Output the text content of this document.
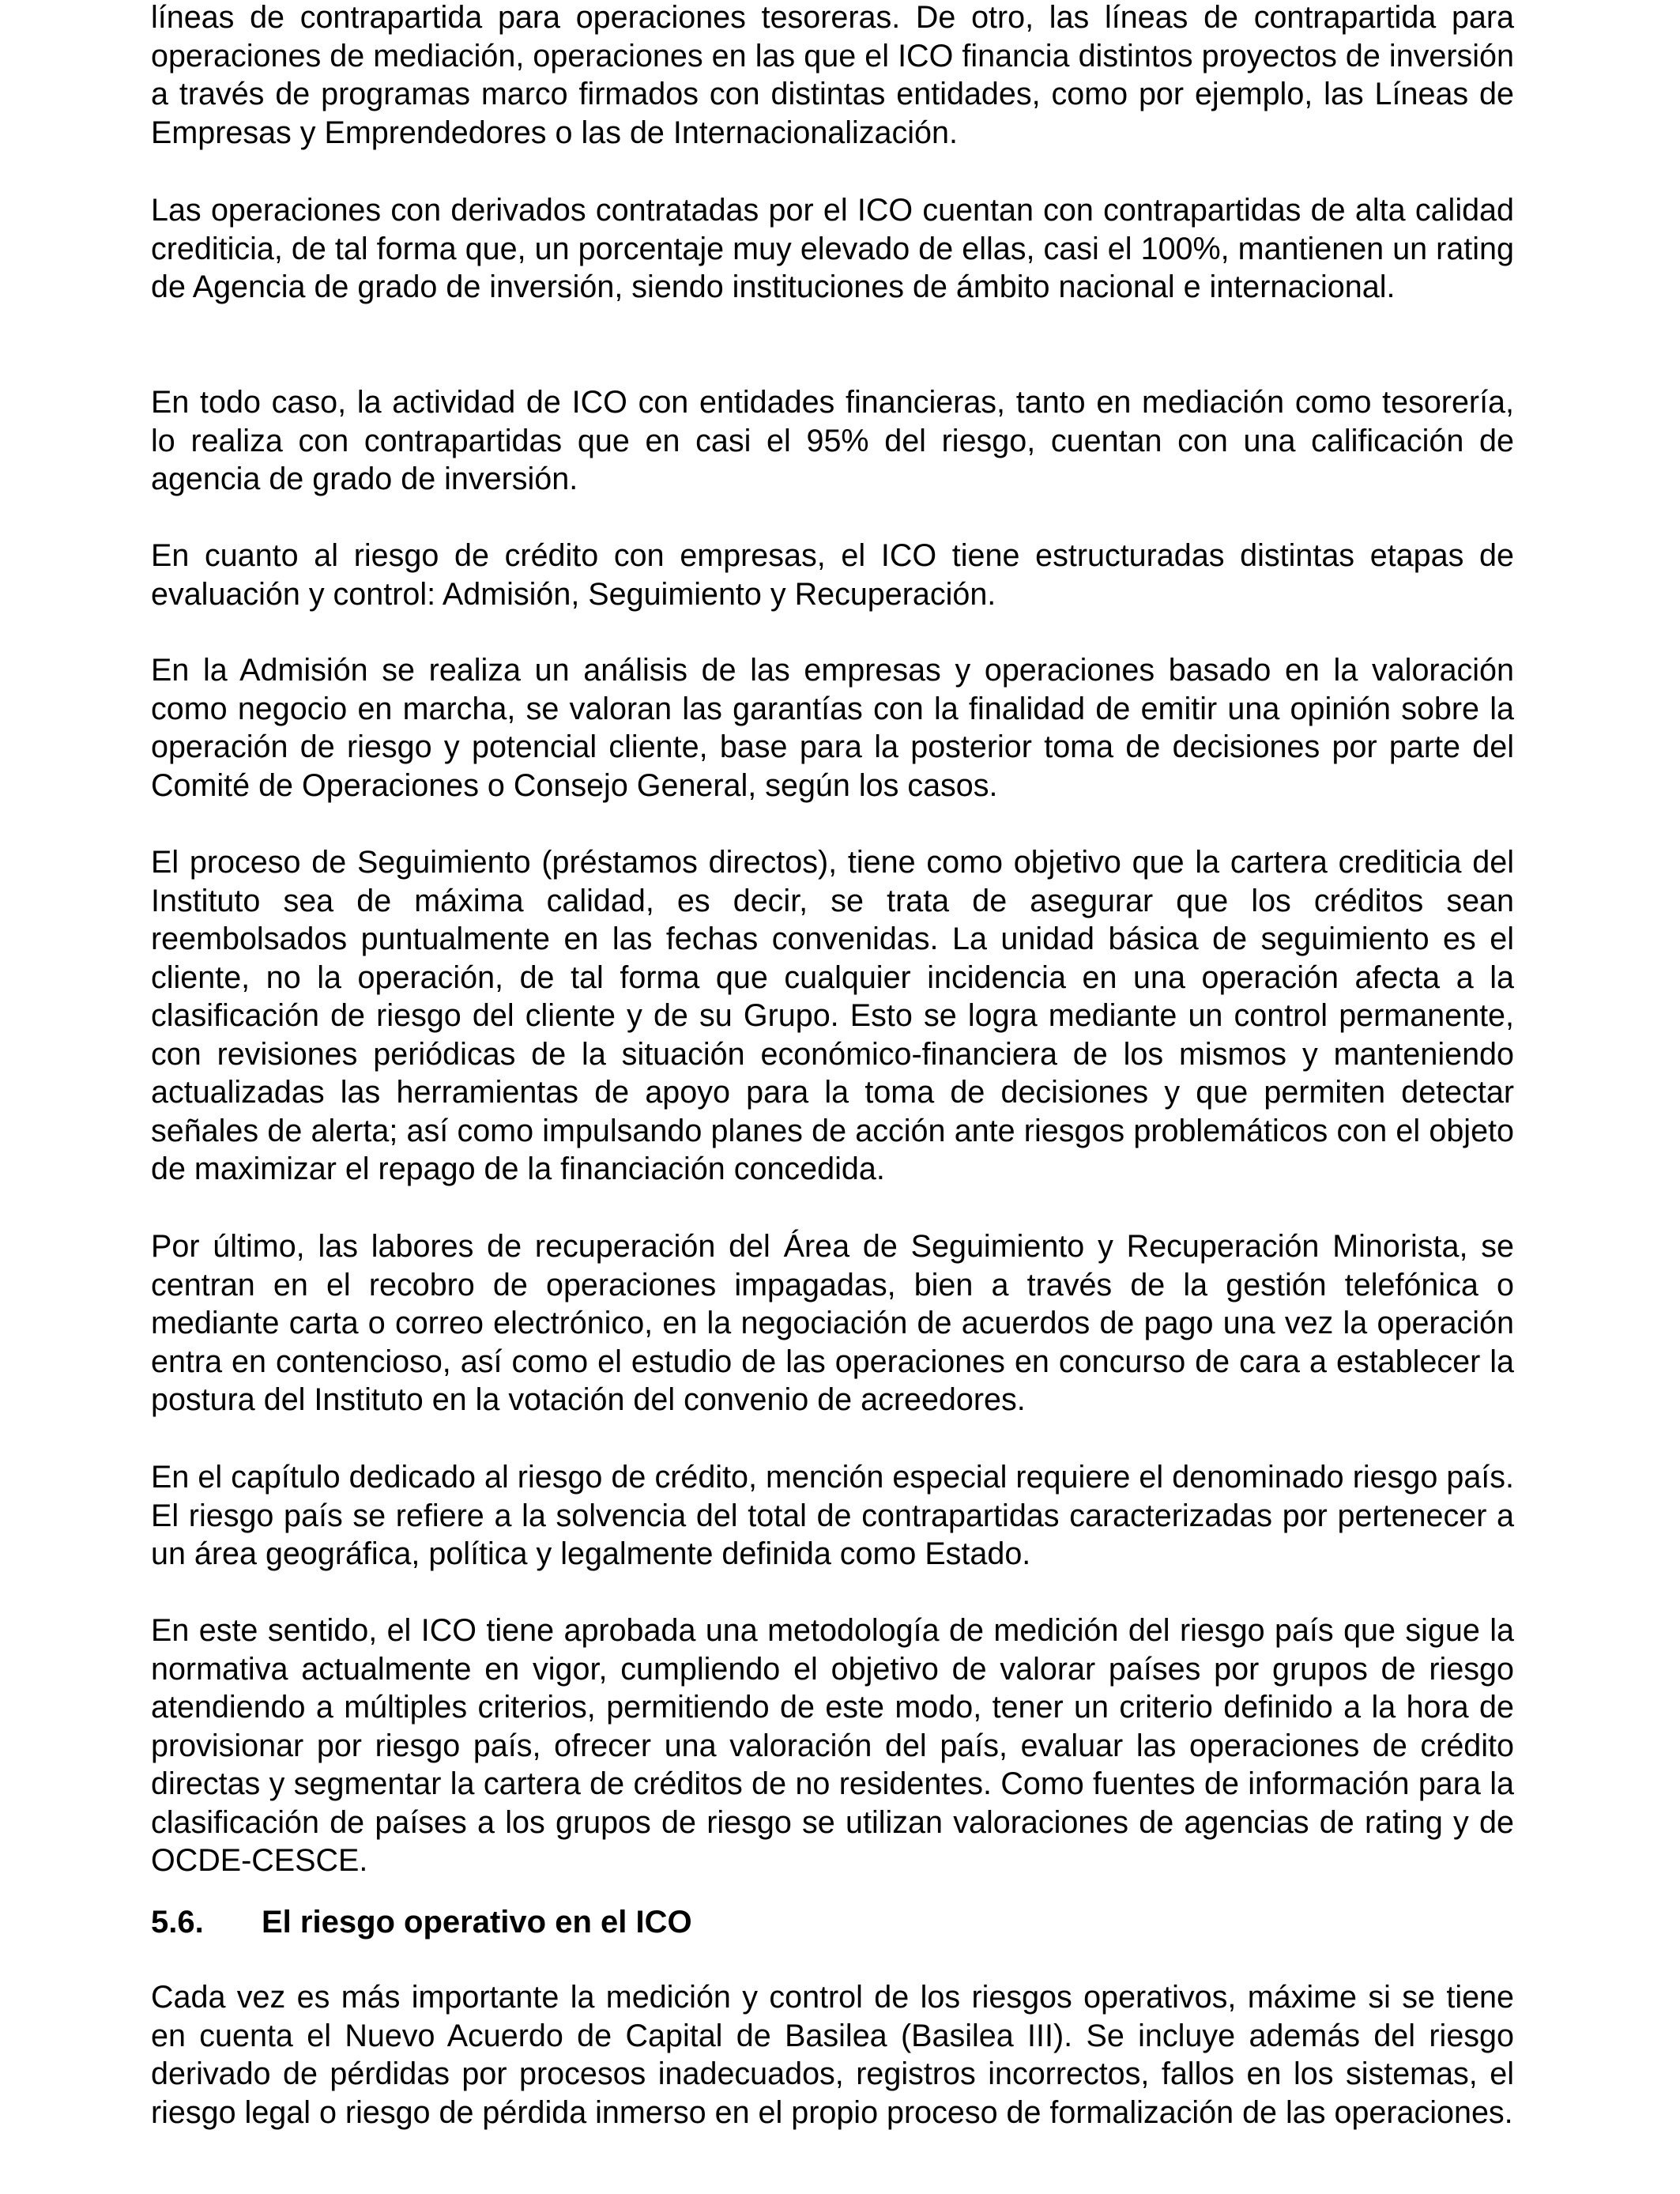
líneas de contrapartida para operaciones tesoreras. De otro, las líneas de contrapartida para operaciones de mediación, operaciones en las que el ICO financia distintos proyectos de inversión a través de programas marco firmados con distintas entidades, como por ejemplo, las Líneas de Empresas y Emprendedores o las de Internacionalización.

Las operaciones con derivados contratadas por el ICO cuentan con contrapartidas de alta calidad crediticia, de tal forma que, un porcentaje muy elevado de ellas, casi el 100%, mantienen un rating de Agencia de grado de inversión, siendo instituciones de ámbito nacional e internacional.

En todo caso, la actividad de ICO con entidades financieras, tanto en mediación como tesorería, lo realiza con contrapartidas que en casi el 95% del riesgo, cuentan con una calificación de agencia de grado de inversión.

En cuanto al riesgo de crédito con empresas, el ICO tiene estructuradas distintas etapas de evaluación y control: Admisión, Seguimiento y Recuperación.

En la Admisión se realiza un análisis de las empresas y operaciones basado en la valoración como negocio en marcha, se valoran las garantías con la finalidad de emitir una opinión sobre la operación de riesgo y potencial cliente, base para la posterior toma de decisiones por parte del Comité de Operaciones o Consejo General, según los casos.

El proceso de Seguimiento (préstamos directos), tiene como objetivo que la cartera crediticia del Instituto sea de máxima calidad, es decir, se trata de asegurar que los créditos sean reembolsados puntualmente en las fechas convenidas. La unidad básica de seguimiento es el cliente, no la operación, de tal forma que cualquier incidencia en una operación afecta a la clasificación de riesgo del cliente y de su Grupo. Esto se logra mediante un control permanente, con revisiones periódicas de la situación económico-financiera de los mismos y manteniendo actualizadas las herramientas de apoyo para la toma de decisiones y que permiten detectar señales de alerta; así como impulsando planes de acción ante riesgos problemáticos con el objeto de maximizar el repago de la financiación concedida.

Por último, las labores de recuperación del Área de Seguimiento y Recuperación Minorista, se centran en el recobro de operaciones impagadas, bien a través de la gestión telefónica o mediante carta o correo electrónico, en la negociación de acuerdos de pago una vez la operación entra en contencioso, así como el estudio de las operaciones en concurso de cara a establecer la postura del Instituto en la votación del convenio de acreedores.

En el capítulo dedicado al riesgo de crédito, mención especial requiere el denominado riesgo país. El riesgo país se refiere a la solvencia del total de contrapartidas caracterizadas por pertenecer a un área geográfica, política y legalmente definida como Estado.

En este sentido, el ICO tiene aprobada una metodología de medición del riesgo país que sigue la normativa actualmente en vigor, cumpliendo el objetivo de valorar países por grupos de riesgo atendiendo a múltiples criterios, permitiendo de este modo, tener un criterio definido a la hora de provisionar por riesgo país, ofrecer una valoración del país, evaluar las operaciones de crédito directas y segmentar la cartera de créditos de no residentes. Como fuentes de información para la clasificación de países a los grupos de riesgo se utilizan valoraciones de agencias de rating y de OCDE-CESCE.

5.6. El riesgo operativo en el ICO

Cada vez es más importante la medición y control de los riesgos operativos, máxime si se tiene en cuenta el Nuevo Acuerdo de Capital de Basilea (Basilea III). Se incluye además del riesgo derivado de pérdidas por procesos inadecuados, registros incorrectos, fallos en los sistemas, el riesgo legal o riesgo de pérdida inmerso en el propio proceso de formalización de las operaciones.
